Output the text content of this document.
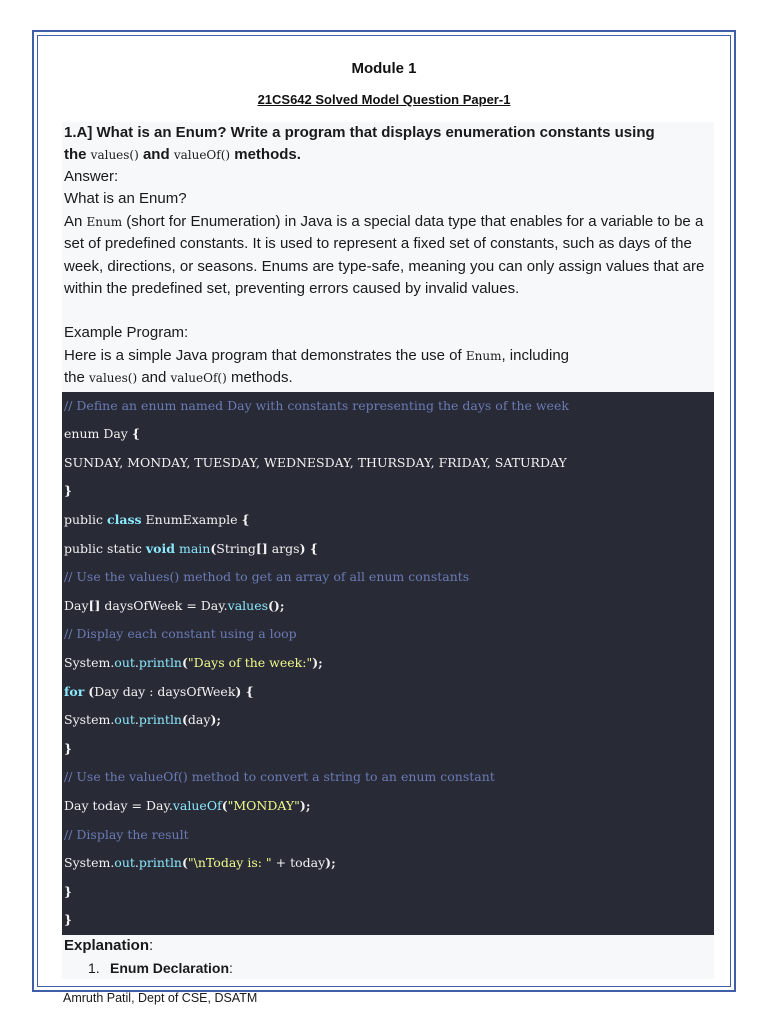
Module 1
21CS642 Solved Model Question Paper-1
1.A] What is an Enum? Write a program that displays enumeration constants using
the values() and valueOf() methods.
Answer:
What is an Enum?
An Enum (short for Enumeration) in Java is a special data type that enables for a variable to be a set of predefined constants. It is used to represent a fixed set of constants, such as days of the week, directions, or seasons. Enums are type-safe, meaning you can only assign values that are within the predefined set, preventing errors caused by invalid values.
Example Program:
Here is a simple Java program that demonstrates the use of Enum, including
the values() and valueOf() methods.
// Define an enum named Day with constants representing the days of the week
enum Day {
SUNDAY, MONDAY, TUESDAY, WEDNESDAY, THURSDAY, FRIDAY, SATURDAY
}
public class EnumExample {
public static void main(String[] args) {
// Use the values() method to get an array of all enum constants
Day[] daysOfWeek = Day.values();
// Display each constant using a loop
System.out.println("Days of the week:");
for (Day day : daysOfWeek) {
System.out.println(day);
}
// Use the valueOf() method to convert a string to an enum constant
Day today = Day.valueOf("MONDAY");
// Display the result
System.out.println("\nToday is: " + today);
}
}
Explanation:
1. Enum Declaration:
Amruth Patil, Dept of CSE, DSATM
